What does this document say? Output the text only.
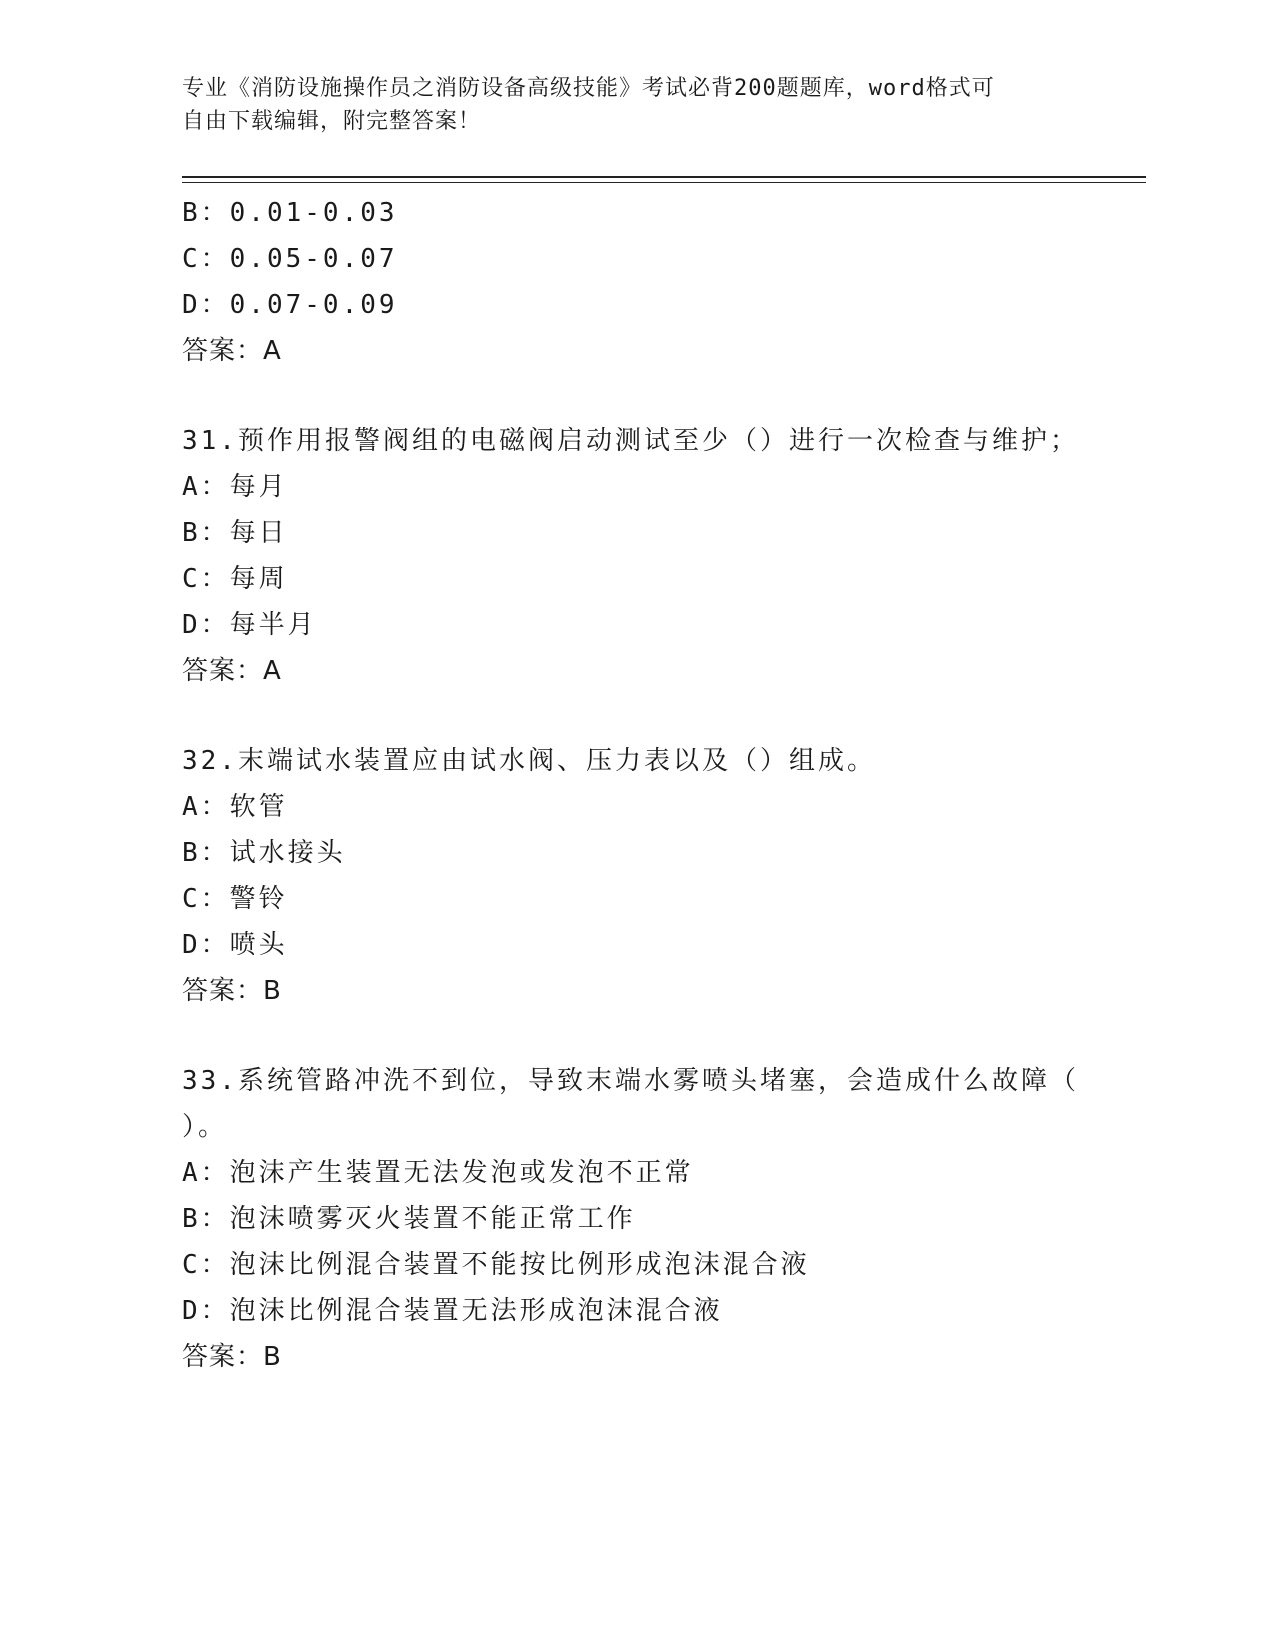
专业《消防设施操作员之消防设备高级技能》考试必背200题题库，word格式可
自由下载编辑，附完整答案！
B：0.01-0.03
C：0.05-0.07
D：0.07-0.09
答案：A
31.预作用报警阀组的电磁阀启动测试至少（）进行一次检查与维护；
A：每月
B：每日
C：每周
D：每半月
答案：A
32.末端试水装置应由试水阀、压力表以及（）组成。
A：软管
B：试水接头
C：警铃
D：喷头
答案：B
33.系统管路冲洗不到位，导致末端水雾喷头堵塞，会造成什么故障（
）。
A：泡沫产生装置无法发泡或发泡不正常
B：泡沫喷雾灭火装置不能正常工作
C：泡沫比例混合装置不能按比例形成泡沫混合液
D：泡沫比例混合装置无法形成泡沫混合液
答案：B
